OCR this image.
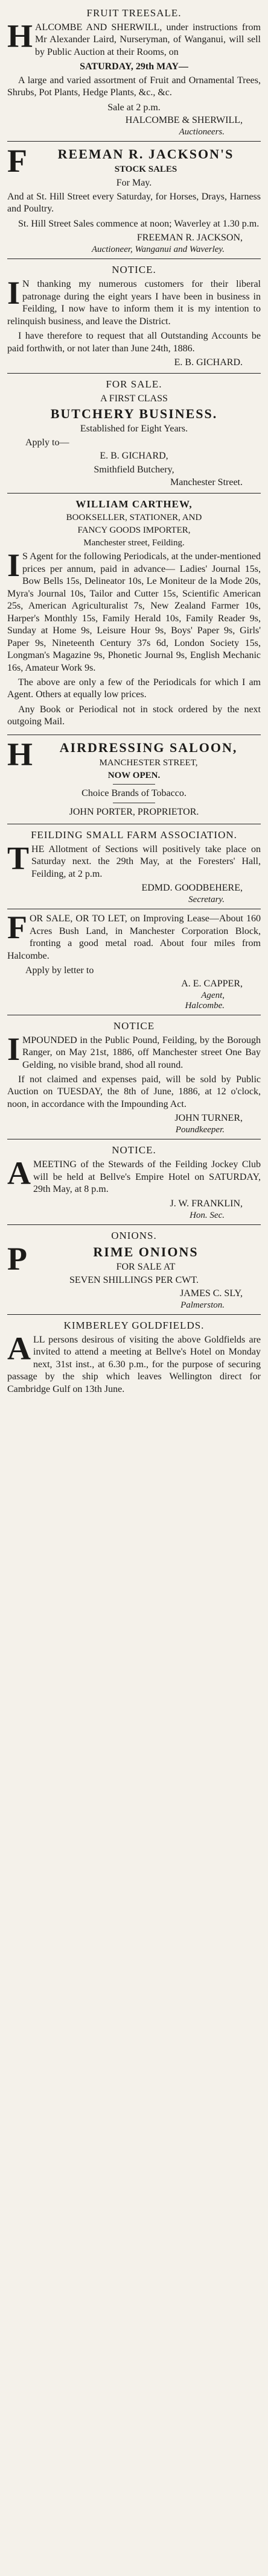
FRUIT TREESALE.

HALCOMBE AND SHERWILL, under instructions from Mr Alexander Laird, Nurseryman, of Wanganui, will sell by Public Auction at their Rooms, on

SATURDAY, 29th MAY—

A large and varied assortment of Fruit and Ornamental Trees, Shrubs, Pot Plants, Hedge Plants, &c., &c.

Sale at 2 p.m.
HALCOMBE & SHERWILL,
Auctioneers.
FREEMAN R. JACKSON'S
STOCK SALES
For May.

And at St. Hill Street every Saturday, for Horses, Drays, Harness and Poultry.

St. Hill Street Sales commence at noon; Waverley at 1.30 p.m.

FREEMAN R. JACKSON,
Auctioneer, Wanganui and Waverley.
NOTICE.

IN thanking my numerous customers for their liberal patronage during the eight years I have been in business in Feilding, I now have to inform them it is my intention to relinquish business, and leave the District.

I have therefore to request that all Outstanding Accounts be paid forthwith, or not later than June 24th, 1886.

E. B. GICHARD.
FOR SALE.
A FIRST CLASS
BUTCHERY BUSINESS.
Established for Eight Years.
Apply to—
E. B. GICHARD,
Smithfield Butchery,
Manchester Street.
WILLIAM CARTHEW,
BOOKSELLER, STATIONER, AND
FANCY GOODS IMPORTER,
Manchester street, Feilding.

IS Agent for the following Periodicals, at the under-mentioned prices per annum, paid in advance— Ladies' Journal 15s, Bow Bells 15s, Delineator 10s, Le Moniteur de la Mode 20s, Myra's Journal 10s, Tailor and Cutter 15s, Scientific American 25s, American Agriculturalist 7s, New Zealand Farmer 10s, Harper's Monthly 15s, Family Herald 10s, Family Reader 9s, Sunday at Home 9s, Leisure Hour 9s, Boys' Paper 9s, Girls' Paper 9s, Nineteenth Century 37s 6d, London Society 15s, Longman's Magazine 9s, Phonetic Journal 9s, English Mechanic 16s, Amateur Work 9s.

The above are only a few of the Periodicals for which I am Agent. Others at equally low prices.

Any Book or Periodical not in stock ordered by the next outgoing Mail.

HAIRDRESSING SALOON,
MANCHESTER STREET,
NOW OPEN.
Choice Brands of Tobacco.
JOHN PORTER, PROPRIETOR.
FEILDING SMALL FARM ASSOCIATION.

THE Allotment of Sections will positively take place on Saturday next. the 29th May, at the Foresters' Hall, Feilding, at 2 p.m.

EDMD. GOODBEHERE,
Secretary.

FOR SALE, OR TO LET, on Improving Lease—About 160 Acres Bush Land, in Manchester Corporation Block, fronting a good metal road. About four miles from Halcombe.

Apply by letter to
A. E. CAPPER,
Agent,
Halcombe.
NOTICE

IMPOUNDED in the Public Pound, Feilding, by the Borough Ranger, on May 21st, 1886, off Manchester street One Bay Gelding, no visible brand, shod all round.

If not claimed and expenses paid, will be sold by Public Auction on TUESDAY, the 8th of June, 1886, at 12 o'clock, noon, in accordance with the Impounding Act.

JOHN TURNER,
Poundkeeper.
NOTICE.

AMEETING of the Stewards of the Feilding Jockey Club will be held at Bellve's Empire Hotel on SATURDAY, 29th May, at 8 p.m.

J. W. FRANKLIN,
Hon. Sec.
ONIONS.
PRIME ONIONS
FOR SALE AT
SEVEN SHILLINGS PER CWT.
JAMES C. SLY,
Palmerston.
KIMBERLEY GOLDFIELDS.

ALL persons desirous of visiting the above Goldfields are invited to attend a meeting at Bellve's Hotel on Monday next, 31st inst., at 6.30 p.m., for the purpose of securing passage by the ship which leaves Wellington direct for Cambridge Gulf on 13th June.
